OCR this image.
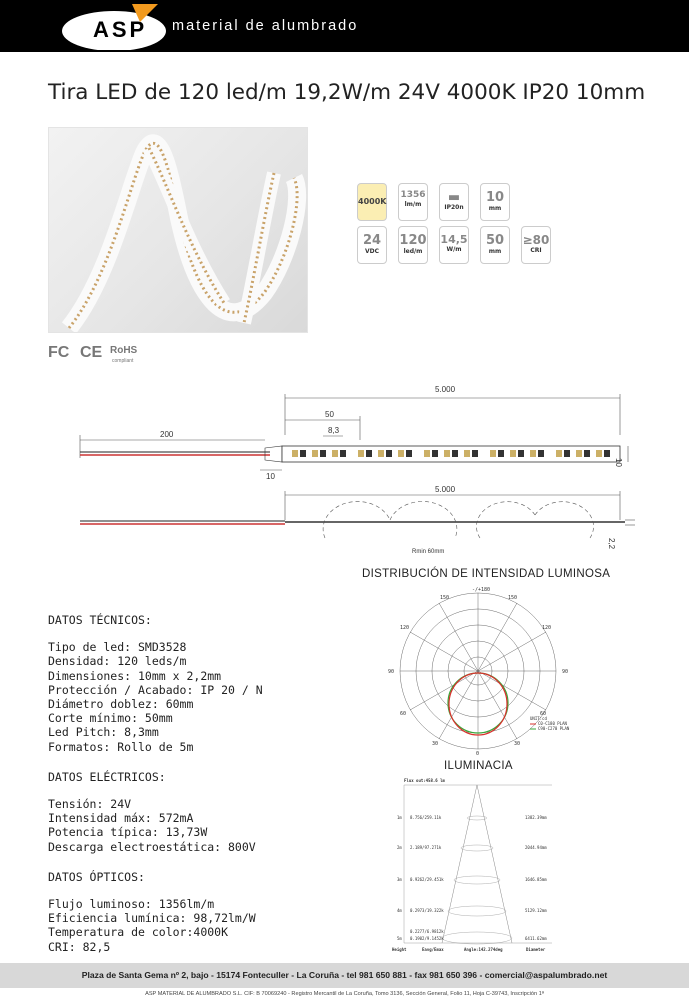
ASP material de alumbrado
Tira LED de 120 led/m 19,2W/m 24V 4000K IP20 10mm
4000K
1356
lm/m	▬
IP20n
10
mm
24
VDC
120
led/m
14,5
W/m
50
mm
≥80
CRI
FC CE RoHS
compliant
5.000
50
8,3
200
10
10
5.000
Rmin 60mm
2,2
DATOS TÉCNICOS:
Tipo de led: SMD3528
Densidad: 120 leds/m
Dimensiones: 10mm x 2,2mm
Protección / Acabado: IP 20 / N
Diámetro doblez: 60mm
Corte mínimo: 50mm
Led Pitch: 8,3mm
Formatos: Rollo de 5m
DATOS ELÉCTRICOS:
Tensión: 24V
Intensidad máx: 572mA
Potencia típica: 13,73W
Descarga electroestática: 800V
DATOS ÓPTICOS:
Flujo luminoso: 1356lm/m
Eficiencia lumínica: 98,72lm/W
Temperatura de color:4000K
CRI: 82,5
DISTRIBUCIÓN DE INTENSIDAD LUMINOSA
-/+180
150	150
120	120
90	90
60	60
30	30
0
UNIT:cd
C0-C180 PLAN
C90-C270 PLAN
ILUMINACIA
Flux out:458.6 lm
1m 8.756/259.11k	1382.39mm
2m 2.189/97.271k	2044.94mm
3m 0.9262/29.451k	1646.85mm
4m 0.2973/19.322k	5129.12mm
0.2277/6.9812k
5m 0.1902/9.1452k	6411.62mm
Height	Eavg/Emax	Angle:142.274deg	Diameter
Plaza de Santa Gema nº 2, bajo - 15174 Fonteculler - La Coruña - tel 981 650 881 - fax 981 650 396 - comercial@aspalumbrado.net
ASP MATERIAL DE ALUMBRADO S.L. CIF: B 70069240 - Registro Mercantil de La Coruña, Tomo 3136, Sección General, Folio 11, Hoja C-39743, Inscripción 1ª
